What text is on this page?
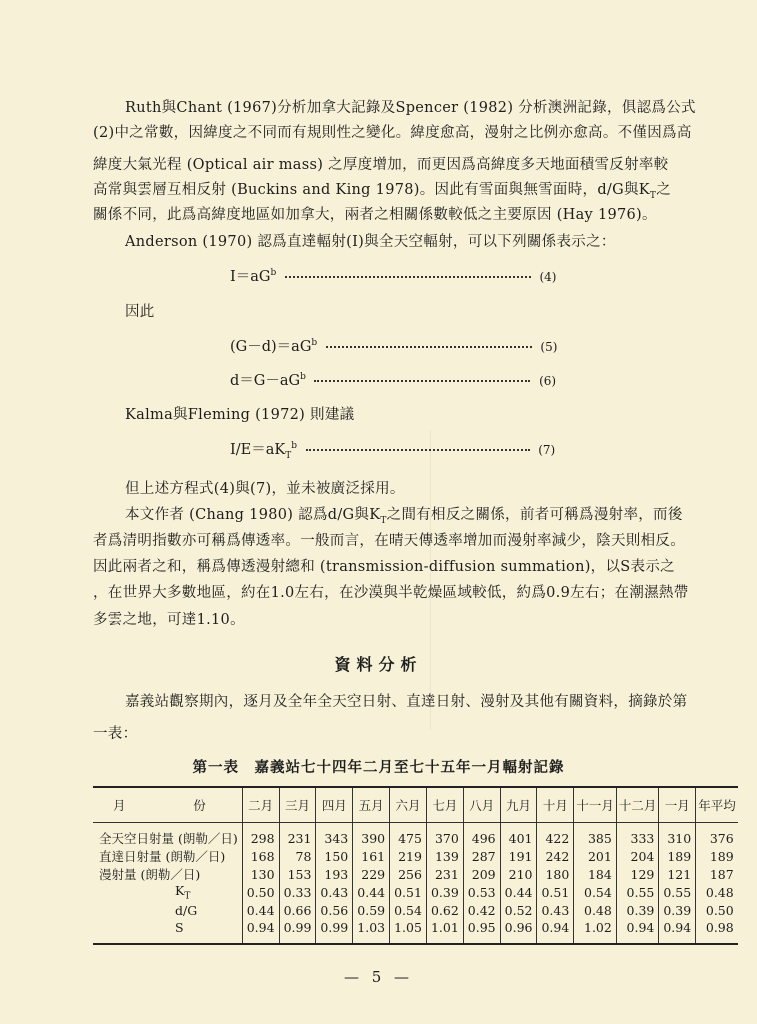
Ruth與Chant (1967)分析加拿大記錄及Spencer (1982) 分析澳洲記錄，俱認爲公式
(2)中之常數，因緯度之不同而有規則性之變化。緯度愈高，漫射之比例亦愈高。不僅因爲高
緯度大氣光程 (Optical air mass) 之厚度增加，而更因爲高緯度多天地面積雪反射率較
高常與雲層互相反射 (Buckins and King 1978)。因此有雪面與無雪面時，d/G與$K_T$之
關係不同，此爲高緯度地區如加拿大，兩者之相關係數較低之主要原因 (Hay 1976)。
Anderson (1970) 認爲直達輻射(I)與全天空輻射，可以下列關係表示之：
$I=aG^b$	(4)
因此
$(G-d)=aG^b$	(5)
$d=G-aG^b$	(6)
Kalma與Fleming (1972) 則建議
$I/E=aK_T^b$	(7)
但上述方程式(4)與(7)，並未被廣泛採用。
本文作者 (Chang 1980) 認爲d/G與$K_T$之間有相反之關係，前者可稱爲漫射率，而後
者爲清明指數亦可稱爲傳透率。一般而言，在晴天傳透率增加而漫射率減少，陰天則相反。
因此兩者之和，稱爲傳透漫射總和 (transmission-diffusion summation)，以S表示之
，在世界大多數地區，約在1.0左右，在沙漠與半乾燥區域較低，約爲0.9左右；在潮濕熱帶
多雲之地，可達1.10。
資料分析
嘉義站觀察期內，逐月及全年全天空日射、直達日射、漫射及其他有關資料，摘錄於第
一表：
第一表　嘉義站七十四年二月至七十五年一月輻射記錄
月 份	二月	三月	四月	五月	六月	七月	八月	九月	十月	十一月	十二月	一月	年平均
全天空日射量 (朗勒／日)	298	231	343	390	475	370	496	401	422	385	333	310	376
直達日射量 (朗勒／日)	168	78	150	161	219	139	287	191	242	201	204	189	189
漫射量 (朗勒／日)	130	153	193	229	256	231	209	210	180	184	129	121	187
$K_T$	0.50	0.33	0.43	0.44	0.51	0.39	0.53	0.44	0.51	0.54	0.55	0.55	0.48
d/G	0.44	0.66	0.56	0.59	0.54	0.62	0.42	0.52	0.43	0.48	0.39	0.39	0.50
S	0.94	0.99	0.99	1.03	1.05	1.01	0.95	0.96	0.94	1.02	0.94	0.94	0.98
— 5 —
